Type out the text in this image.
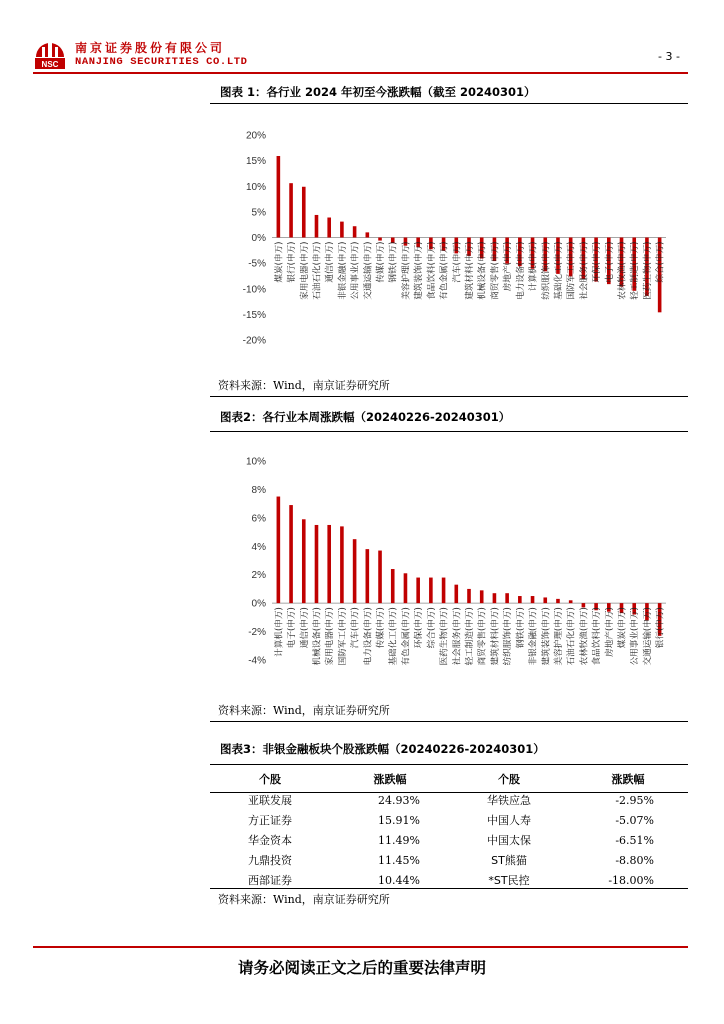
NSC
南京证券股份有限公司
NANJING SECURITIES CO.LTD	- 3 -
图表 1：各行业 2024 年初至今涨跌幅（截至 20240301）
20%
15%
10%
5%
0%
-5%
-10%
-15%
-20%
煤炭(申万) 银行(申万) 家用电器(申万) 石油石化(申万) 通信(申万) 非银金融(申万) 公用事业(申万) 交通运输(申万) 传媒(申万) 钢铁(申万) 美容护理(申万) 建筑装饰(申万) 食品饮料(申万) 有色金属(申万) 汽车(申万) 建筑材料(申万) 机械设备(申万) 商贸零售(申万) 房地产(申万) 电力设备(申万) 计算机(申万) 纺织服饰(申万) 基础化工(申万) 国防军工(申万) 社会服务(申万) 环保(申万) 电子(申万) 农林牧渔(申万) 轻工制造(申万) 医药生物(申万) 综合(申万)
资料来源：Wind，南京证券研究所
图表2：各行业本周涨跌幅（20240226-20240301）
10%
8%
6%
4%
2%
0%
-2%
-4%
计算机(申万) 电子(申万) 通信(申万) 机械设备(申万) 家用电器(申万) 国防军工(申万) 汽车(申万) 电力设备(申万) 传媒(申万) 基础化工(申万) 有色金属(申万) 环保(申万) 综合(申万) 医药生物(申万) 社会服务(申万) 轻工制造(申万) 商贸零售(申万) 建筑材料(申万) 纺织服饰(申万) 钢铁(申万) 非银金融(申万) 建筑装饰(申万) 美容护理(申万) 石油石化(申万) 农林牧渔(申万) 食品饮料(申万) 房地产(申万) 煤炭(申万) 公用事业(申万) 交通运输(申万) 银行(申万)
资料来源：Wind，南京证券研究所
图表3：非银金融板块个股涨跌幅（20240226-20240301）
个股	涨跌幅	个股	涨跌幅
亚联发展	24.93%	华铁应急	-2.95%
方正证券	15.91%	中国人寿	-5.07%
华金资本	11.49%	中国太保	-6.51%
九鼎投资	11.45%	ST熊猫	-8.80%
西部证券	10.44%	*ST民控	-18.00%
资料来源：Wind，南京证券研究所
请务必阅读正文之后的重要法律声明
